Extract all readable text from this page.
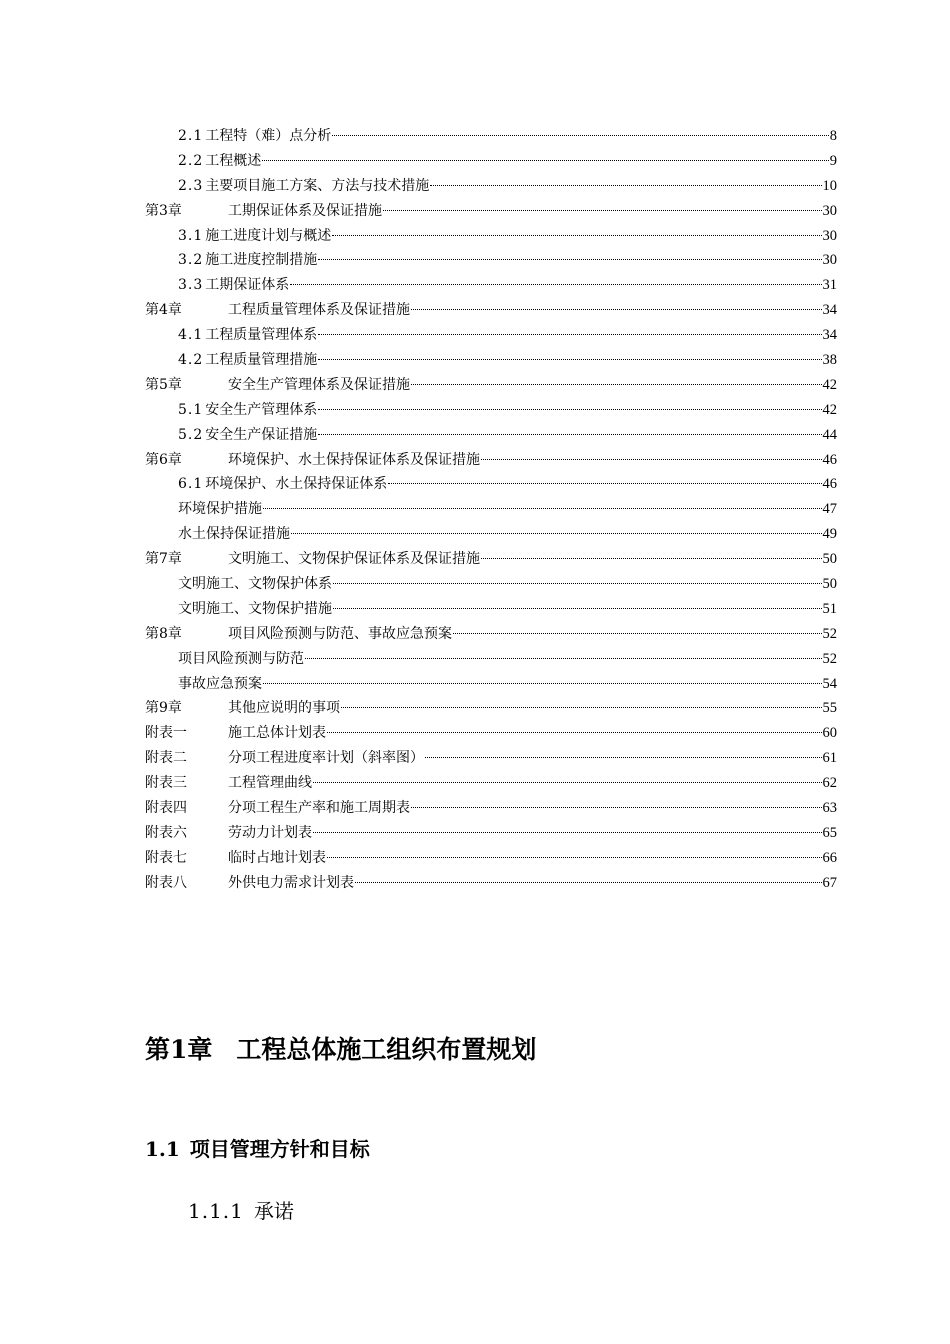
2.1 工程特（难）点分析	8
2.2 工程概述	9
2.3 主要项目施工方案、方法与技术措施	10
第3章	工期保证体系及保证措施	30
3.1 施工进度计划与概述	30
3.2 施工进度控制措施	30
3.3 工期保证体系	31
第4章	工程质量管理体系及保证措施	34
4.1 工程质量管理体系	34
4.2 工程质量管理措施	38
第5章	安全生产管理体系及保证措施	42
5.1 安全生产管理体系	42
5.2 安全生产保证措施	44
第6章	环境保护、水土保持保证体系及保证措施	46
6.1 环境保护、水土保持保证体系	46
环境保护措施	47
水土保持保证措施	49
第7章	文明施工、文物保护保证体系及保证措施	50
文明施工、文物保护体系	50
文明施工、文物保护措施	51
第8章	项目风险预测与防范、事故应急预案	52
项目风险预测与防范	52
事故应急预案	54
第9章	其他应说明的事项	55
附表一	施工总体计划表	60
附表二	分项工程进度率计划（斜率图）	61
附表三	工程管理曲线	62
附表四	分项工程生产率和施工周期表	63
附表六	劳动力计划表	65
附表七	临时占地计划表	66
附表八	外供电力需求计划表	67
第1章 工程总体施工组织布置规划
1.1 项目管理方针和目标
1.1.1 承诺
